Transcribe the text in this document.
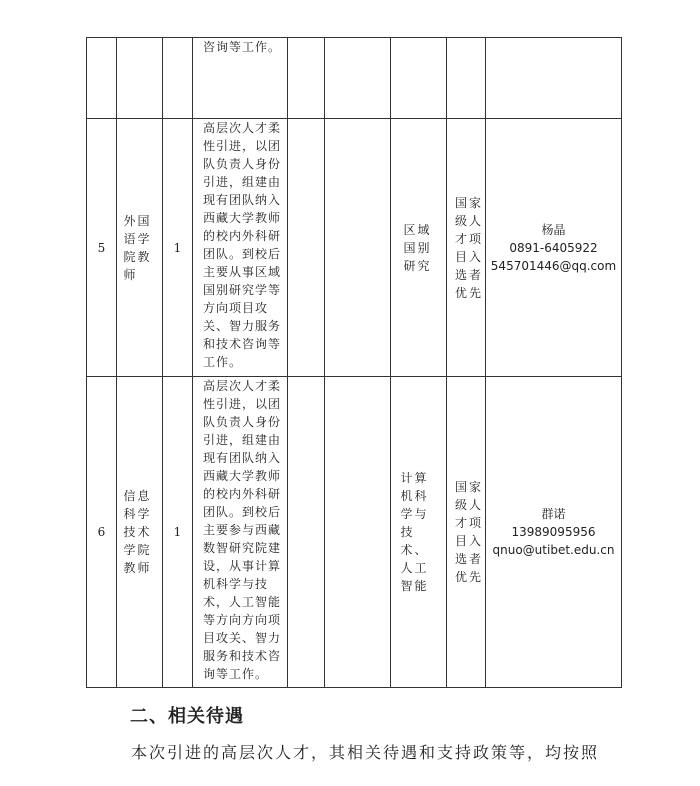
			咨询等工作。					

5	外国语学院教师	1	高层次人才柔性引进，以团队负责人身份引进，组建由现有团队纳入西藏大学教师的校内外科研团队。到校后主要从事区域国别研究学等方向项目攻关、智力服务和技术咨询等工作。			区域国别研究	国家级人才项目入选者优先	杨晶
0891-6405922
545701446@qq.com

6	信息科学技术学院教师	1	高层次人才柔性引进，以团队负责人身份引进，组建由现有团队纳入西藏大学教师的校内外科研团队。到校后主要参与西藏数智研究院建设，从事计算机科学与技术，人工智能等方向方向项目攻关、智力服务和技术咨询等工作。			计算机科学与技术、人工智能	国家级人才项目入选者优先	群诺
13989095956
qnuo@utibet.edu.cn
二、相关待遇
本次引进的高层次人才，其相关待遇和支持政策等，均按照
